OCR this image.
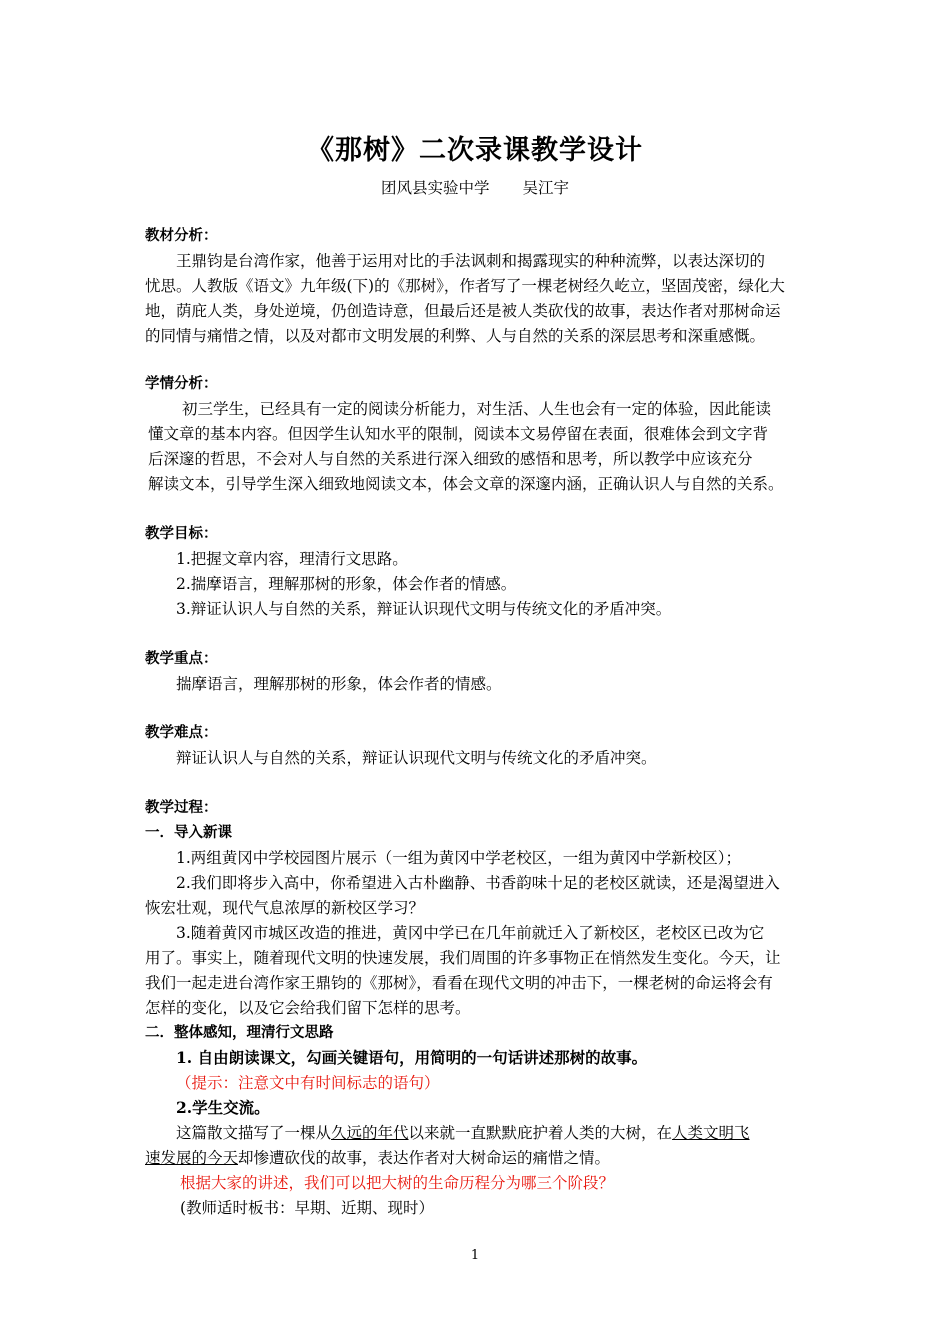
《那树》二次录课教学设计
团风县实验中学 吴江宇
教材分析：
王鼎钧是台湾作家，他善于运用对比的手法讽刺和揭露现实的种种流弊，以表达深切的
忧思。人教版《语文》九年级(下)的《那树》，作者写了一棵老树经久屹立，坚固茂密，绿化大
地，荫庇人类，身处逆境，仍创造诗意，但最后还是被人类砍伐的故事，表达作者对那树命运
的同情与痛惜之情，以及对都市文明发展的利弊、人与自然的关系的深层思考和深重感慨。
学情分析：
初三学生，已经具有一定的阅读分析能力，对生活、人生也会有一定的体验，因此能读
懂文章的基本内容。但因学生认知水平的限制，阅读本文易停留在表面，很难体会到文字背
后深邃的哲思，不会对人与自然的关系进行深入细致的感悟和思考，所以教学中应该充分
解读文本，引导学生深入细致地阅读文本，体会文章的深邃内涵，正确认识人与自然的关系。
教学目标：
1.把握文章内容，理清行文思路。
2.揣摩语言，理解那树的形象，体会作者的情感。
3.辩证认识人与自然的关系，辩证认识现代文明与传统文化的矛盾冲突。
教学重点：
揣摩语言，理解那树的形象，体会作者的情感。
教学难点：
辩证认识人与自然的关系，辩证认识现代文明与传统文化的矛盾冲突。
教学过程：
一．导入新课
1.两组黄冈中学校园图片展示（一组为黄冈中学老校区，一组为黄冈中学新校区）；
2.我们即将步入高中，你希望进入古朴幽静、书香韵味十足的老校区就读，还是渴望进入
恢宏壮观，现代气息浓厚的新校区学习？
3.随着黄冈市城区改造的推进，黄冈中学已在几年前就迁入了新校区，老校区已改为它
用了。事实上，随着现代文明的快速发展，我们周围的许多事物正在悄然发生变化。今天，让
我们一起走进台湾作家王鼎钧的《那树》，看看在现代文明的冲击下，一棵老树的命运将会有
怎样的变化，以及它会给我们留下怎样的思考。
二．整体感知，理清行文思路
1. 自由朗读课文，勾画关键语句，用简明的一句话讲述那树的故事。
（提示：注意文中有时间标志的语句）
2.学生交流。
这篇散文描写了一棵从久远的年代以来就一直默默庇护着人类的大树，在人类文明飞
速发展的今天却惨遭砍伐的故事，表达作者对大树命运的痛惜之情。
根据大家的讲述，我们可以把大树的生命历程分为哪三个阶段？
(教师适时板书：早期、近期、现时）
1
